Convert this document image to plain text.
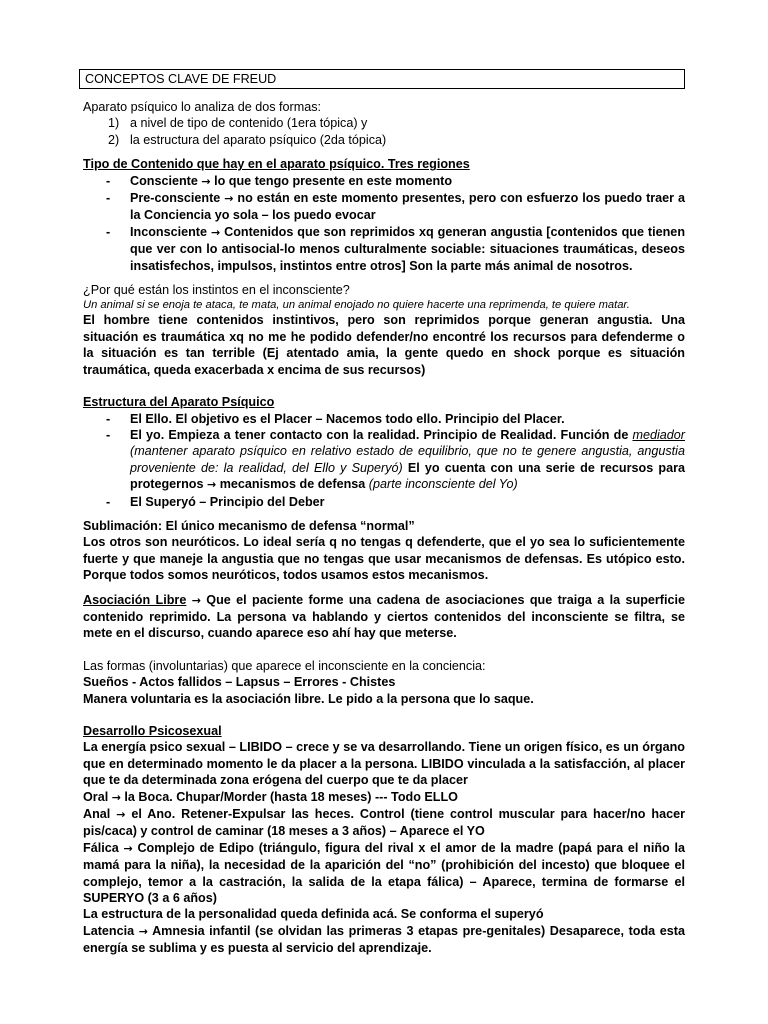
CONCEPTOS CLAVE DE FREUD

Aparato psíquico lo analiza de dos formas:

1) a nivel de tipo de contenido (1era tópica) y
2) la estructura del aparato psíquico (2da tópica)

Tipo de Contenido que hay en el aparato psíquico. Tres regiones

- Consciente → lo que tengo presente en este momento
- Pre-consciente → no están en este momento presentes, pero con esfuerzo los puedo traer a la Conciencia yo sola – los puedo evocar
- Inconsciente → Contenidos que son reprimidos xq generan angustia [contenidos que tienen que ver con lo antisocial-lo menos culturalmente sociable: situaciones traumáticas, deseos insatisfechos, impulsos, instintos entre otros] Son la parte más animal de nosotros.

¿Por qué están los instintos en el inconsciente?

Un animal si se enoja te ataca, te mata, un animal enojado no quiere hacerte una reprimenda, te quiere matar.

El hombre tiene contenidos instintivos, pero son reprimidos porque generan angustia. Una situación es traumática xq no me he podido defender/no encontré los recursos para defenderme o la situación es tan terrible (Ej atentado amia, la gente quedo en shock porque es situación traumática, queda exacerbada x encima de sus recursos)

Estructura del Aparato Psíquico

- El Ello. El objetivo es el Placer – Nacemos todo ello. Principio del Placer.
- El yo. Empieza a tener contacto con la realidad. Principio de Realidad. Función de mediador (mantener aparato psíquico en relativo estado de equilibrio, que no te genere angustia, angustia proveniente de: la realidad, del Ello y Superyó) El yo cuenta con una serie de recursos para protegernos → mecanismos de defensa (parte inconsciente del Yo)
- El Superyó – Principio del Deber

Sublimación: El único mecanismo de defensa “normal”

Los otros son neuróticos. Lo ideal sería q no tengas q defenderte, que el yo sea lo suficientemente fuerte y que maneje la angustia que no tengas que usar mecanismos de defensas. Es utópico esto. Porque todos somos neuróticos, todos usamos estos mecanismos.

Asociación Libre → Que el paciente forme una cadena de asociaciones que traiga a la superficie contenido reprimido. La persona va hablando y ciertos contenidos del inconsciente se filtra, se mete en el discurso, cuando aparece eso ahí hay que meterse.

Las formas (involuntarias) que aparece el inconsciente en la conciencia:

Sueños - Actos fallidos – Lapsus – Errores - Chistes

Manera voluntaria es la asociación libre. Le pido a la persona que lo saque.

Desarrollo Psicosexual

La energía psico sexual – LIBIDO – crece y se va desarrollando. Tiene un origen físico, es un órgano que en determinado momento le da placer a la persona. LIBIDO vinculada a la satisfacción, al placer que te da determinada zona erógena del cuerpo que te da placer

Oral → la Boca. Chupar/Morder (hasta 18 meses) --- Todo ELLO

Anal → el Ano. Retener-Expulsar las heces. Control (tiene control muscular para hacer/no hacer pis/caca) y control de caminar (18 meses a 3 años) – Aparece el YO

Fálica → Complejo de Edipo (triángulo, figura del rival x el amor de la madre (papá para el niño la mamá para la niña), la necesidad de la aparición del “no” (prohibición del incesto) que bloquee el complejo, temor a la castración, la salida de la etapa fálica) – Aparece, termina de formarse el SUPERYO (3 a 6 años)

La estructura de la personalidad queda definida acá. Se conforma el superyó

Latencia → Amnesia infantil (se olvidan las primeras 3 etapas pre-genitales) Desaparece, toda esta energía se sublima y es puesta al servicio del aprendizaje.
